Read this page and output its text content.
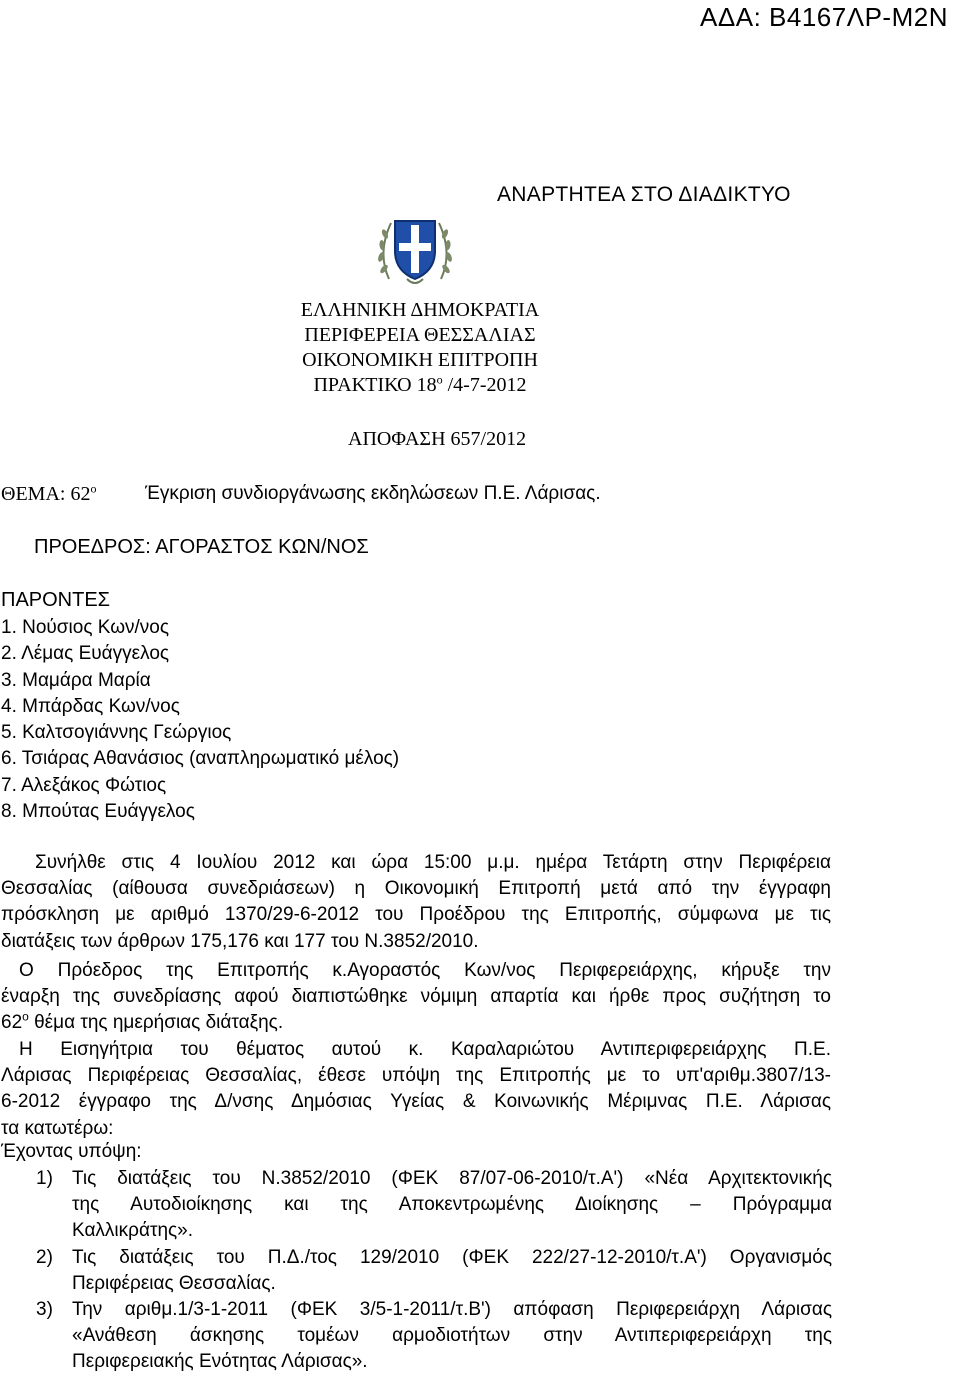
ΑΔΑ: Β4167ΛΡ-Μ2Ν
ΑΝΑΡΤΗΤΕΑ ΣΤΟ ΔΙΑΔΙΚΤΥΟ
ΕΛΛΗΝΙΚΗ ΔΗΜΟΚΡΑΤΙΑ
ΠΕΡΙΦΕΡΕΙΑ ΘΕΣΣΑΛΙΑΣ
ΟΙΚΟΝΟΜΙΚΗ ΕΠΙΤΡΟΠΗ
ΠΡΑΚΤΙΚΟ $18^o$ /4-7-2012
ΑΠΟΦΑΣΗ 657/2012
ΘΕΜΑ: $62^o$	Έγκριση συνδιοργάνωσης εκδηλώσεων Π.Ε. Λάρισας.
ΠΡΟΕΔΡΟΣ: ΑΓΟΡΑΣΤΟΣ ΚΩΝ/ΝΟΣ
ΠΑΡΟΝΤΕΣ
1. Νούσιος Κων/νος
2. Λέμας Ευάγγελος
3. Μαμάρα Μαρία
4. Μπάρδας Κων/νος
5. Καλτσογιάννης Γεώργιος
6. Τσιάρας Αθανάσιος (αναπληρωματικό μέλος)
7. Αλεξάκος Φώτιος
8. Μπούτας Ευάγγελος
Συνήλθε στις 4 Ιουλίου 2012 και ώρα 15:00 μ.μ. ημέρα Τετάρτη στην Περιφέρεια
Θεσσαλίας (αίθουσα συνεδριάσεων) η Οικονομική Επιτροπή μετά από την έγγραφη
πρόσκληση με αριθμό 1370/29-6-2012 του Προέδρου της Επιτροπής, σύμφωνα με τις
διατάξεις των άρθρων 175,176 και 177 του Ν.3852/2010.
Ο Πρόεδρος της Επιτροπής κ.Αγοραστός Κων/νος Περιφερειάρχης, κήρυξε την
έναρξη της συνεδρίασης αφού διαπιστώθηκε νόμιμη απαρτία και ήρθε προς συζήτηση το
$62^o$ θέμα της ημερήσιας διάταξης.
Η Εισηγήτρια του θέματος αυτού κ. Καραλαριώτου Αντιπεριφερειάρχης Π.Ε.
Λάρισας Περιφέρειας Θεσσαλίας, έθεσε υπόψη της Επιτροπής με το υπ'αριθμ.3807/13-
6-2012 έγγραφο της Δ/νσης Δημόσιας Υγείας & Κοινωνικής Μέριμνας Π.Ε. Λάρισας
τα κατωτέρω:
Έχοντας υπόψη:
1) Τις διατάξεις του Ν.3852/2010 (ΦΕΚ 87/07-06-2010/τ.Α') «Νέα Αρχιτεκτονικής
της Αυτοδιοίκησης και της Αποκεντρωμένης Διοίκησης – Πρόγραμμα
Καλλικράτης».
2) Τις διατάξεις του Π.Δ./τος 129/2010 (ΦΕΚ 222/27-12-2010/τ.Α') Οργανισμός
Περιφέρειας Θεσσαλίας.
3) Την αριθμ.1/3-1-2011 (ΦΕΚ 3/5-1-2011/τ.Β') απόφαση Περιφερειάρχη Λάρισας
«Ανάθεση άσκησης τομέων αρμοδιοτήτων στην Αντιπεριφερειάρχη της
Περιφερειακής Ενότητας Λάρισας».
